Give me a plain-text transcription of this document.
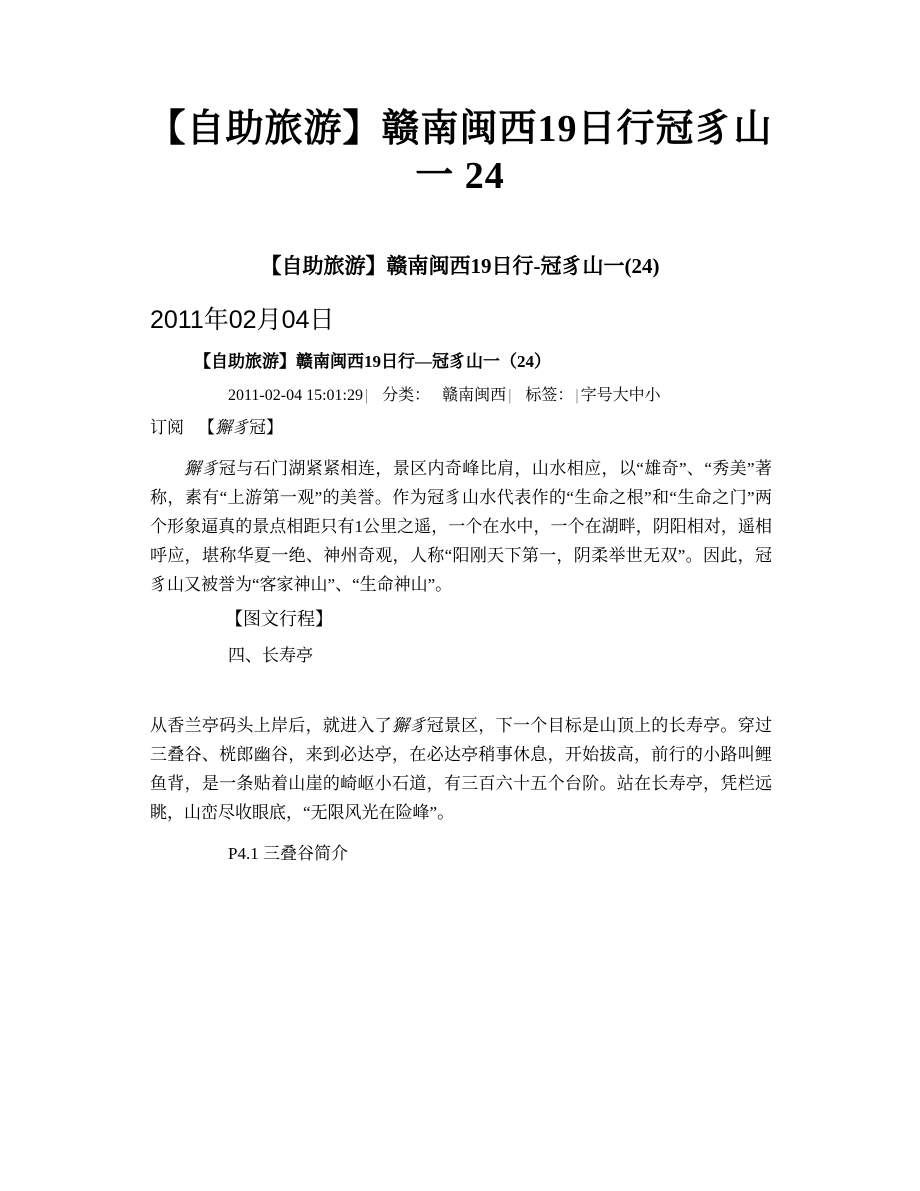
【自助旅游】赣南闽西19日行冠豸山
一 24
【自助旅游】赣南闽西19日行-冠豸山一(24)
2011年02月04日
【自助旅游】赣南闽西19日行—冠豸山一（24）
2011-02-04 15:01:29 | 分类： 赣南闽西 | 标签： | 字号大中小
订阅 【獬豸冠】

獬豸冠与石门湖紧紧相连，景区内奇峰比肩，山水相应，以“雄奇”、“秀美”著称，素有“上游第一观”的美誉。作为冠豸山水代表作的“生命之根”和“生命之门”两个形象逼真的景点相距只有1公里之遥，一个在水中，一个在湖畔，阴阳相对，遥相呼应，堪称华夏一绝、神州奇观，人称“阳刚天下第一，阴柔举世无双”。因此，冠豸山又被誉为“客家神山”、“生命神山”。

【图文行程】
四、长寿亭

从香兰亭码头上岸后，就进入了獬豸冠景区，下一个目标是山顶上的长寿亭。穿过三叠谷、桄郎幽谷，来到必达亭，在必达亭稍事休息，开始拔高，前行的小路叫鲤鱼背，是一条贴着山崖的崎岖小石道，有三百六十五个台阶。站在长寿亭，凭栏远眺，山峦尽收眼底，“无限风光在险峰”。

P4.1 三叠谷简介
